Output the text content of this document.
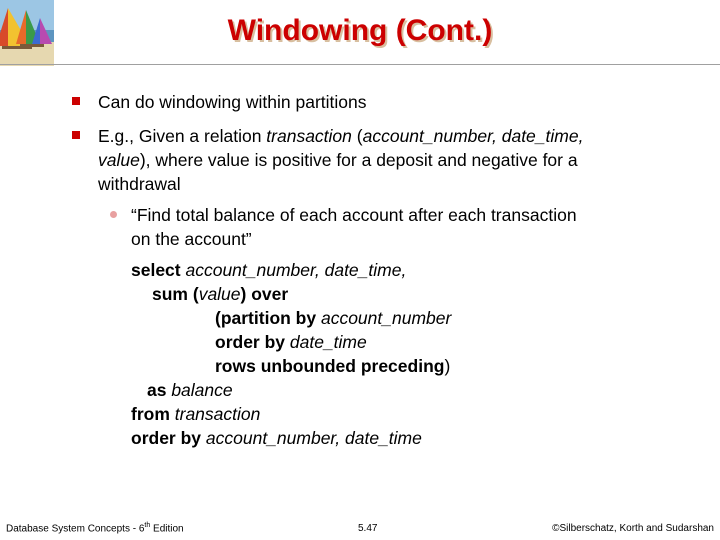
Windowing (Cont.)
Can do windowing within partitions
E.g., Given a relation transaction (account_number, date_time,
value), where value is positive for a deposit and negative for a
withdrawal
“Find total balance of each account after each transaction
on the account”
select account_number, date_time,
sum (value) over
(partition by account_number
order by date_time
rows unbounded preceding)
as balance
from transaction
order by account_number, date_time
Database System Concepts - 6th Edition	5.47	©Silberschatz, Korth and Sudarshan
